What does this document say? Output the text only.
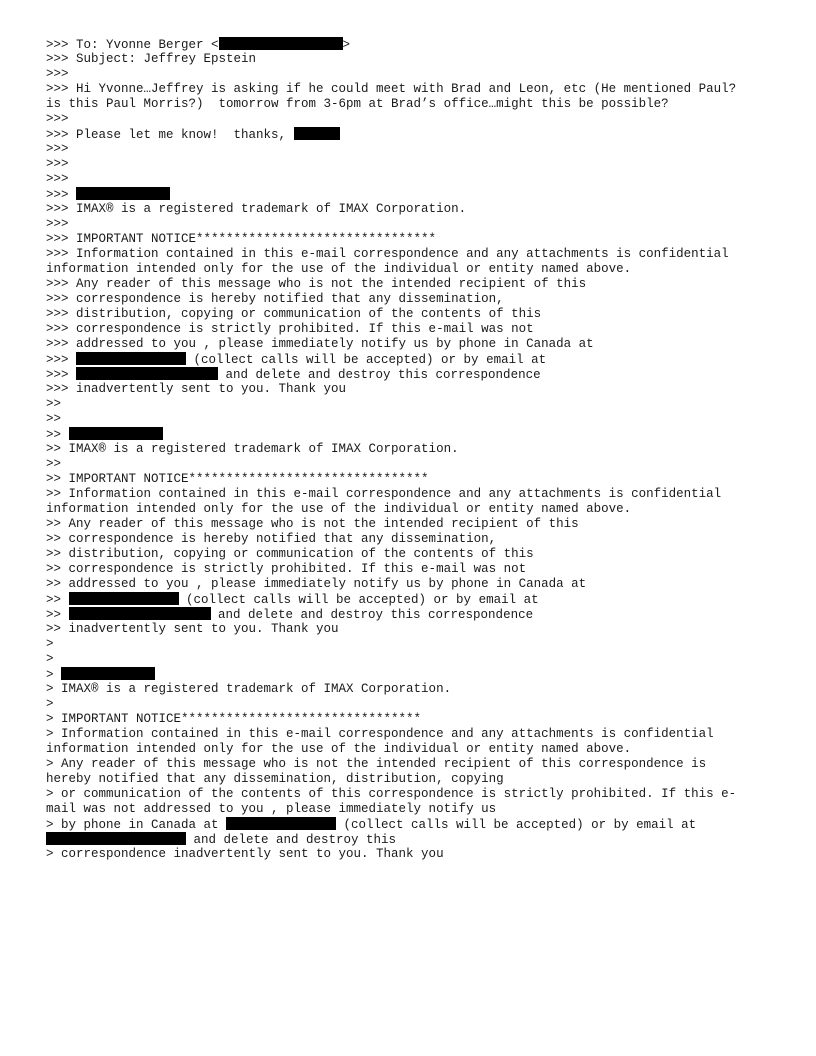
>>> To: Yvonne Berger <	>
>>> Subject: Jeffrey Epstein
>>>
>>> Hi Yvonne…Jeffrey is asking if he could meet with Brad and Leon, etc (He mentioned Paul?
is this Paul Morris?)  tomorrow from 3-6pm at Brad’s office…might this be possible?
>>>
>>> Please let me know!  thanks,
>>>
>>>
>>>
>>>
>>> IMAX® is a registered trademark of IMAX Corporation.
>>>
>>> IMPORTANT NOTICE********************************
>>> Information contained in this e-mail correspondence and any attachments is confidential
information intended only for the use of the individual or entity named above.
>>> Any reader of this message who is not the intended recipient of this
>>> correspondence is hereby notified that any dissemination,
>>> distribution, copying or communication of the contents of this
>>> correspondence is strictly prohibited. If this e-mail was not
>>> addressed to you , please immediately notify us by phone in Canada at
>>>	(collect calls will be accepted) or by email at
>>>	and delete and destroy this correspondence
>>> inadvertently sent to you. Thank you
>>
>>
>>
>> IMAX® is a registered trademark of IMAX Corporation.
>>
>> IMPORTANT NOTICE********************************
>> Information contained in this e-mail correspondence and any attachments is confidential
information intended only for the use of the individual or entity named above.
>> Any reader of this message who is not the intended recipient of this
>> correspondence is hereby notified that any dissemination,
>> distribution, copying or communication of the contents of this
>> correspondence is strictly prohibited. If this e-mail was not
>> addressed to you , please immediately notify us by phone in Canada at
>>	(collect calls will be accepted) or by email at
>>	and delete and destroy this correspondence
>> inadvertently sent to you. Thank you
>
>
>
> IMAX® is a registered trademark of IMAX Corporation.
>
> IMPORTANT NOTICE********************************
> Information contained in this e-mail correspondence and any attachments is confidential
information intended only for the use of the individual or entity named above.
> Any reader of this message who is not the intended recipient of this correspondence is
hereby notified that any dissemination, distribution, copying
> or communication of the contents of this correspondence is strictly prohibited. If this e-
mail was not addressed to you , please immediately notify us
> by phone in Canada at	(collect calls will be accepted) or by email at
and delete and destroy this
> correspondence inadvertently sent to you. Thank you
